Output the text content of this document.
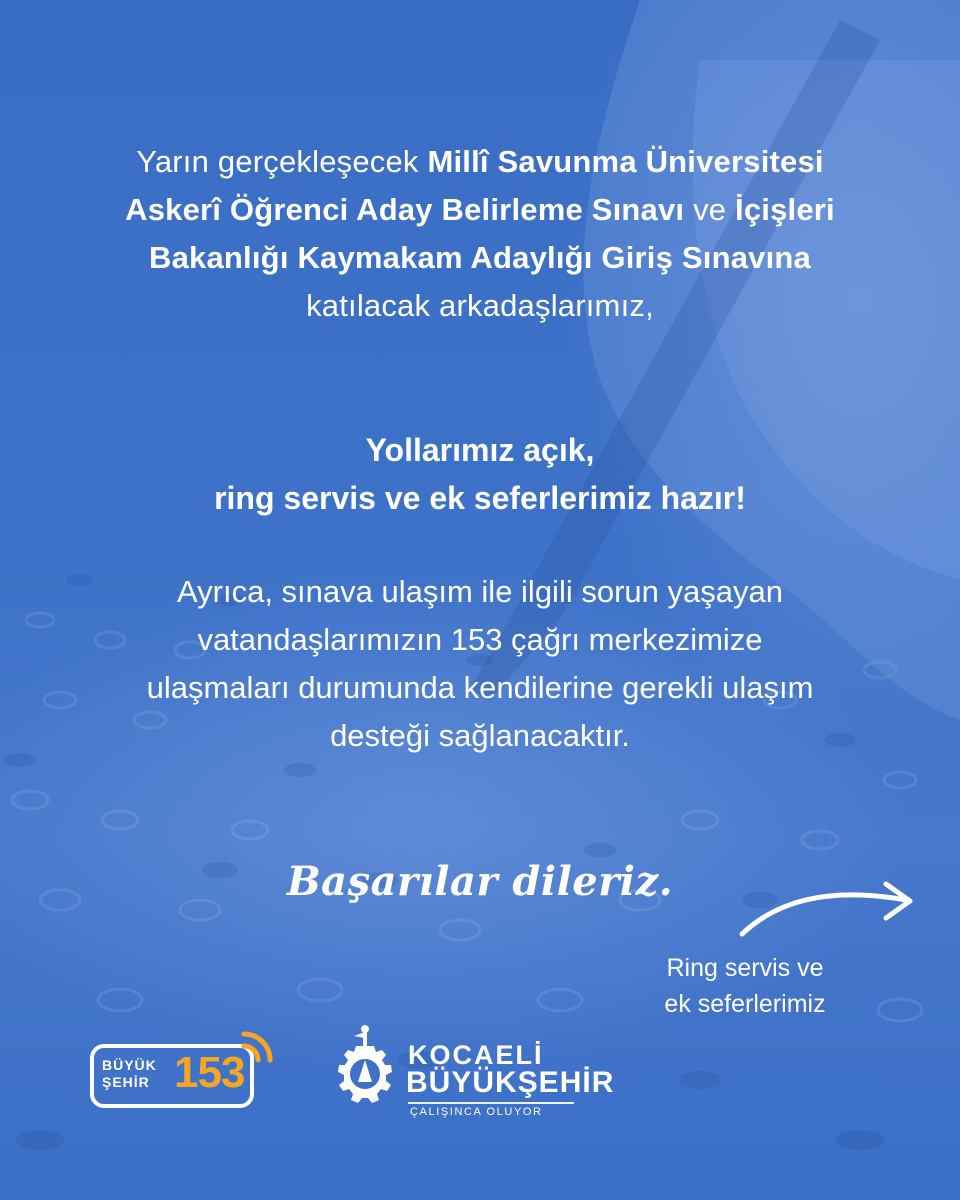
Yarın gerçekleşecek Millî Savunma Üniversitesi Askerî Öğrenci Aday Belirleme Sınavı ve İçişleri Bakanlığı Kaymakam Adaylığı Giriş Sınavına katılacak arkadaşlarımız,
Yollarımız açık,
ring servis ve ek seferlerimiz hazır!
Ayrıca, sınava ulaşım ile ilgili sorun yaşayan vatandaşlarımızın 153 çağrı merkezimize ulaşmaları durumunda kendilerine gerekli ulaşım desteği sağlanacaktır.
Başarılar dileriz.
Ring servis ve
ek seferlerimiz
BÜYÜK
ŞEHİR 153	KOCAELİ
BÜYÜKŞEHİR
ÇALIŞINCA OLUYOR
